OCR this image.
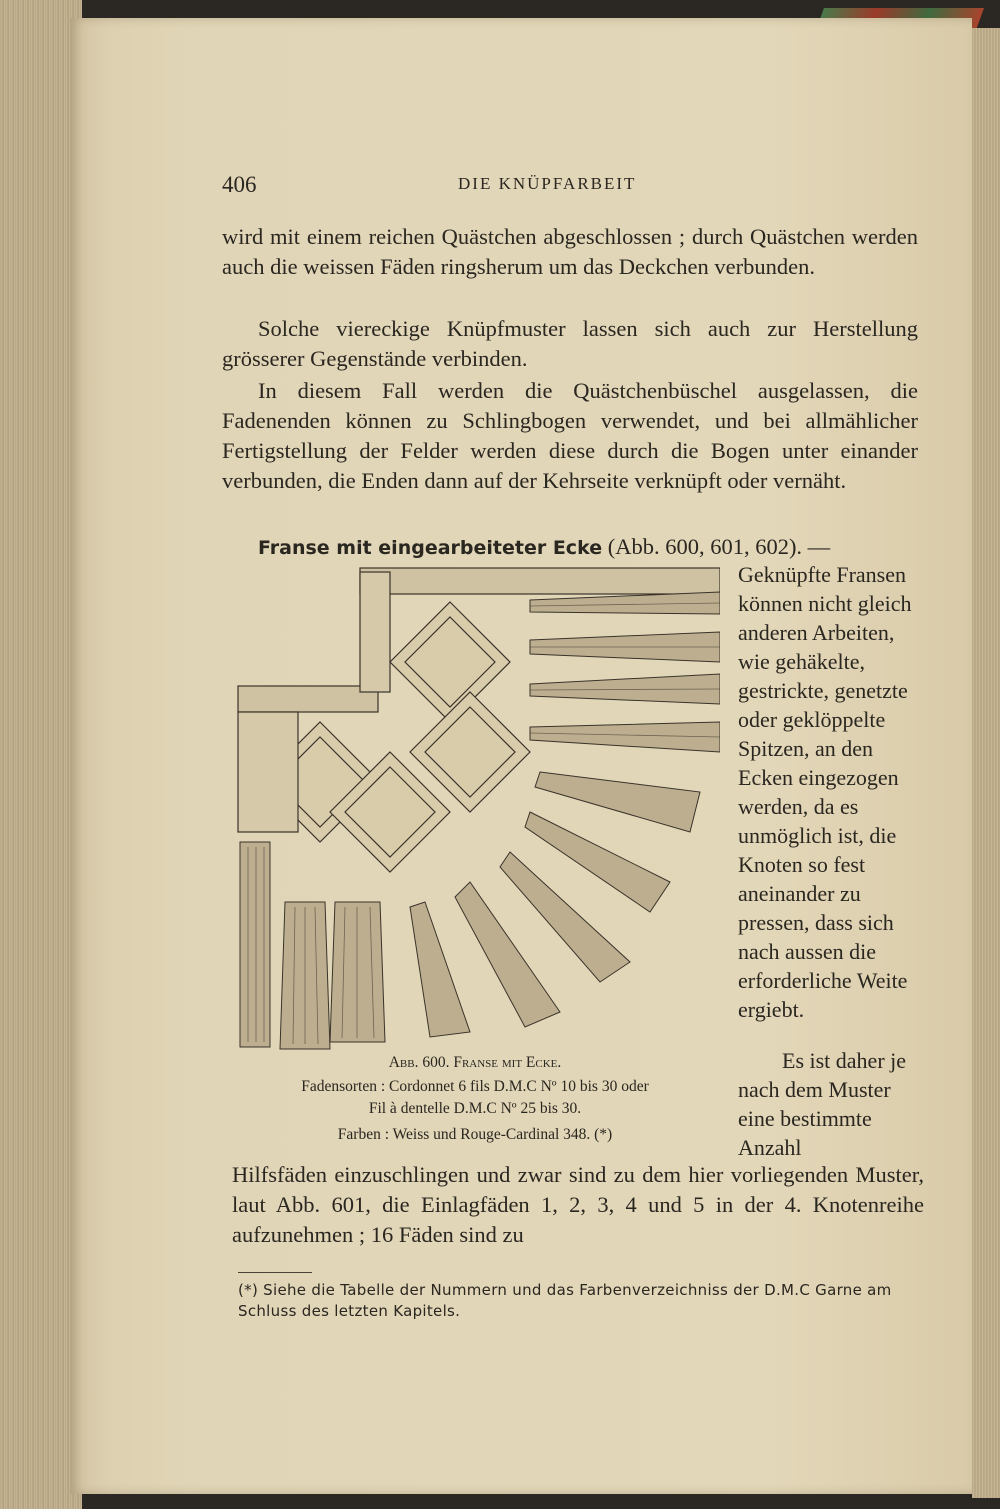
406	DIE KNÜPFARBEIT

wird mit einem reichen Quästchen abgeschlossen ; durch Quästchen werden auch die weissen Fäden ringsherum um das Deckchen verbunden.

Solche viereckige Knüpfmuster lassen sich auch zur Herstellung grösserer Gegenstände verbinden.

In diesem Fall werden die Quästchenbüschel ausgelassen, die Fadenenden können zu Schlingbogen verwendet, und bei allmählicher Fertigstellung der Felder werden diese durch die Bogen unter einander verbunden, die Enden dann auf der Kehrseite verknüpft oder vernäht.

Franse mit eingearbeiteter Ecke (Abb. 600, 601, 602). —

Abb. 600. Franse mit Ecke.
Fadensorten : Cordonnet 6 fils D.M.C Nº 10 bis 30 oder
Fil à dentelle D.M.C Nº 25 bis 30.
Farben : Weiss und Rouge-Cardinal 348. (*)

Geknüpfte Fransen können nicht gleich anderen Arbeiten, wie gehäkelte, gestrickte, genetzte oder geklöppelte Spitzen, an den Ecken eingezogen werden, da es unmöglich ist, die Knoten so fest aneinander zu pressen, dass sich nach aussen die erforderliche Weite ergiebt.

Es ist daher je nach dem Muster eine bestimmte Anzahl

Hilfsfäden einzuschlingen und zwar sind zu dem hier vorliegenden Muster, laut Abb. 601, die Einlagfäden 1, 2, 3, 4 und 5 in der 4. Knotenreihe aufzunehmen ; 16 Fäden sind zu

(*) Siehe die Tabelle der Nummern und das Farbenverzeichniss der D.M.C Garne am Schluss des letzten Kapitels.
